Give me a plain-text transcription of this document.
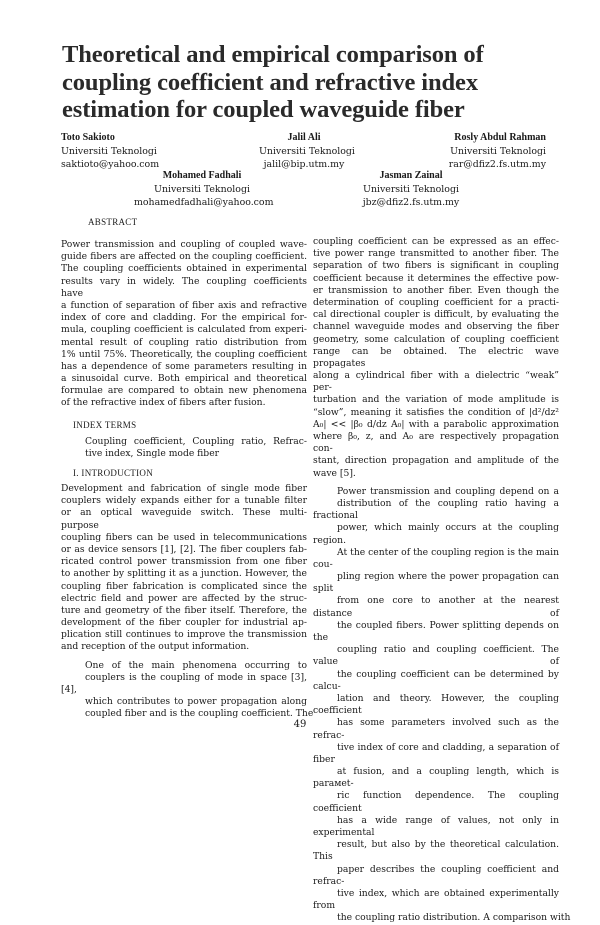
Theoretical and empirical comparison of
coupling coefficient and refractive index
estimation for coupled waveguide fiber
Toto Sakioto
Universiti Teknologi
saktioto@yahoo.com
Jalil Ali
Universiti Teknologi
jalil@bip.utm.my
Rosly Abdul Rahman
Universiti Teknologi
rar@dfiz2.fs.utm.my
Mohamed Fadhali
Universiti Teknologi
mohamedfadhali@yahoo.com
Jasman Zainal
Universiti Teknologi
jbz@dfiz2.fs.utm.my
ABSTRACT
Power transmission and coupling of coupled wave-
guide fibers are affected on the coupling coefficient.
The coupling coefficients obtained in experimental
results vary in widely. The coupling coefficients have
a function of separation of fiber axis and refractive
index of core and cladding. For the empirical for-
mula, coupling coefficient is calculated from experi-
mental result of coupling ratio distribution from
1% until 75%. Theoretically, the coupling coefficient
has a dependence of some parameters resulting in
a sinusoidal curve. Both empirical and theoretical
formulae are compared to obtain new phenomena
of the refractive index of fibers after fusion.
INDEX TERMS
Coupling coefficient, Coupling ratio, Refrac-
tive index, Single mode fiber
I. INTRODUCTION
Development and fabrication of single mode fiber
couplers widely expands either for a tunable filter
or an optical waveguide switch. These multi-purpose
coupling fibers can be used in telecommunications
or as device sensors [1], [2]. The fiber couplers fab-
ricated control power transmission from one fiber
to another by splitting it as a junction. However, the
coupling fiber fabrication is complicated since the
electric field and power are affected by the struc-
ture and geometry of the fiber itself. Therefore, the
development of the fiber coupler for industrial ap-
plication still continues to improve the transmission
and reception of the output information.
One of the main phenomena occurring to
couplers is the coupling of mode in space [3], [4],
which contributes to power propagation along
coupled fiber and is the coupling coefficient. The
coupling coefficient can be expressed as an effec-
tive power range transmitted to another fiber. The
separation of two fibers is significant in coupling
coefficient because it determines the effective pow-
er transmission to another fiber. Even though the
determination of coupling coefficient for a practi-
cal directional coupler is difficult, by evaluating the
channel waveguide modes and observing the fiber
geometry, some calculation of coupling coefficient
range can be obtained. The electric wave propagates
along a cylindrical fiber with a dielectric “weak” per-
turbation and the variation of mode amplitude is
“slow”, meaning it satisfies the condition of |d²/dz²
A₀| << |β₀ d/dz A₀| with a parabolic approximation
where β₀, z, and A₀ are respectively propagation con-
stant, direction propagation and amplitude of the
wave [5].
Power transmission and coupling depend on a
distribution of the coupling ratio having a fractional
power, which mainly occurs at the coupling region.
At the center of the coupling region is the main cou-
pling region where the power propagation can split
from one core to another at the nearest distance of
the coupled fibers. Power splitting depends on the
coupling ratio and coupling coefficient. The value of
the coupling coefficient can be determined by calcu-
lation and theory. However, the coupling coefficient
has some parameters involved such as the refrac-
tive index of core and cladding, a separation of fiber
at fusion, and a coupling length, which is parамet-
ric function dependence. The coupling coefficient
has a wide range of values, not only in experimental
result, but also by the theoretical calculation. This
paper describes the coupling coefficient and refrac-
tive index, which are obtained experimentally from
the coupling ratio distribution. A comparison with
49
